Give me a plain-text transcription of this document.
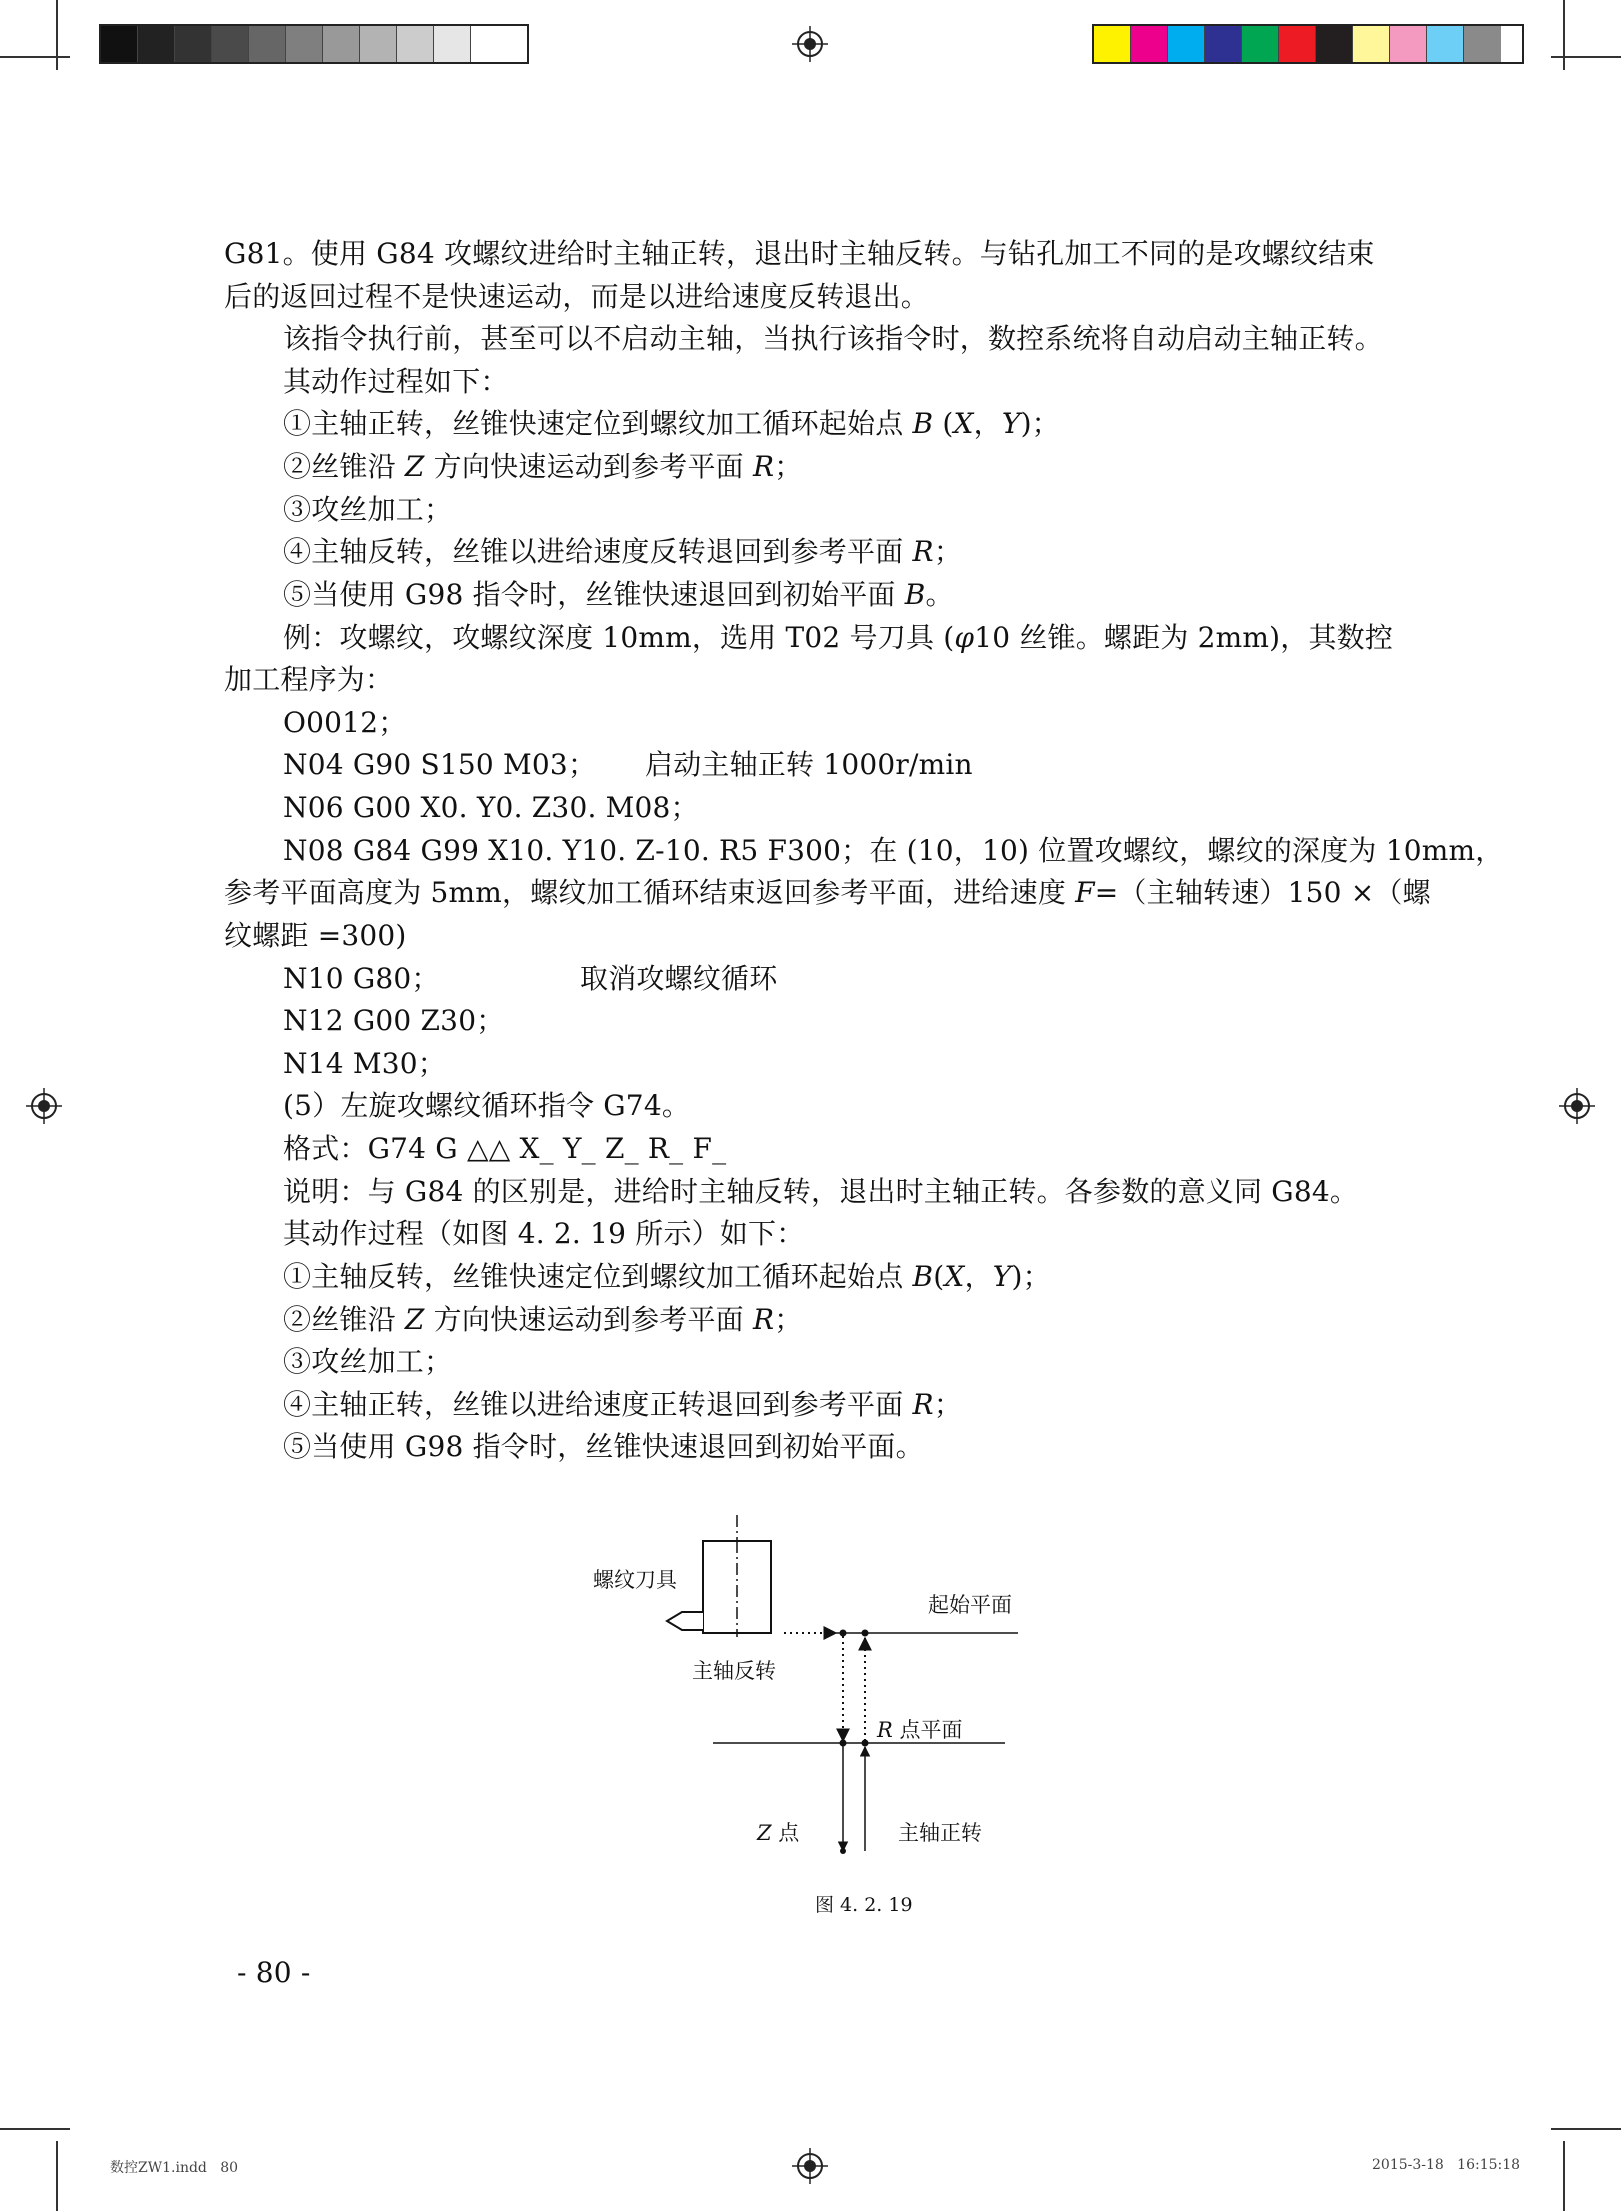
G81。使用 G84 攻螺纹进给时主轴正转，退出时主轴反转。与钻孔加工不同的是攻螺纹结束
后的返回过程不是快速运动，而是以进给速度反转退出。
该指令执行前，甚至可以不启动主轴，当执行该指令时，数控系统将自动启动主轴正转。
其动作过程如下：
①主轴正转，丝锥快速定位到螺纹加工循环起始点 B (X，Y)；
②丝锥沿 Z 方向快速运动到参考平面 R；
③攻丝加工；
④主轴反转，丝锥以进给速度反转退回到参考平面 R；
⑤当使用 G98 指令时，丝锥快速退回到初始平面 B。
例：攻螺纹，攻螺纹深度 10mm，选用 T02 号刀具 (φ10 丝锥。螺距为 2mm)，其数控
加工程序为：
O0012；
N04 G90 S150 M03； 启动主轴正转 1000r/min
N06 G00 X0. Y0. Z30. M08；
N08 G84 G99 X10. Y10. Z-10. R5 F300；在 (10，10) 位置攻螺纹，螺纹的深度为 10mm，
参考平面高度为 5mm，螺纹加工循环结束返回参考平面，进给速度 F=（主轴转速）150 ×（螺
纹螺距 =300)
N10 G80；	取消攻螺纹循环
N12 G00 Z30；
N14 M30；
(5）左旋攻螺纹循环指令 G74。
格式：G74 G △△ X_ Y_ Z_ R_ F_
说明：与 G84 的区别是，进给时主轴反转，退出时主轴正转。各参数的意义同 G84。
其动作过程（如图 4. 2. 19 所示）如下：
①主轴反转，丝锥快速定位到螺纹加工循环起始点 B(X，Y)；
②丝锥沿 Z 方向快速运动到参考平面 R；
③攻丝加工；
④主轴正转，丝锥以进给速度正转退回到参考平面 R；
⑤当使用 G98 指令时，丝锥快速退回到初始平面。
螺纹刀具
起始平面
主轴反转
R 点平面
Z 点	主轴正转
图 4. 2. 19
- 80 -
数控ZW1.indd   80	2015-3-18   16:15:18
